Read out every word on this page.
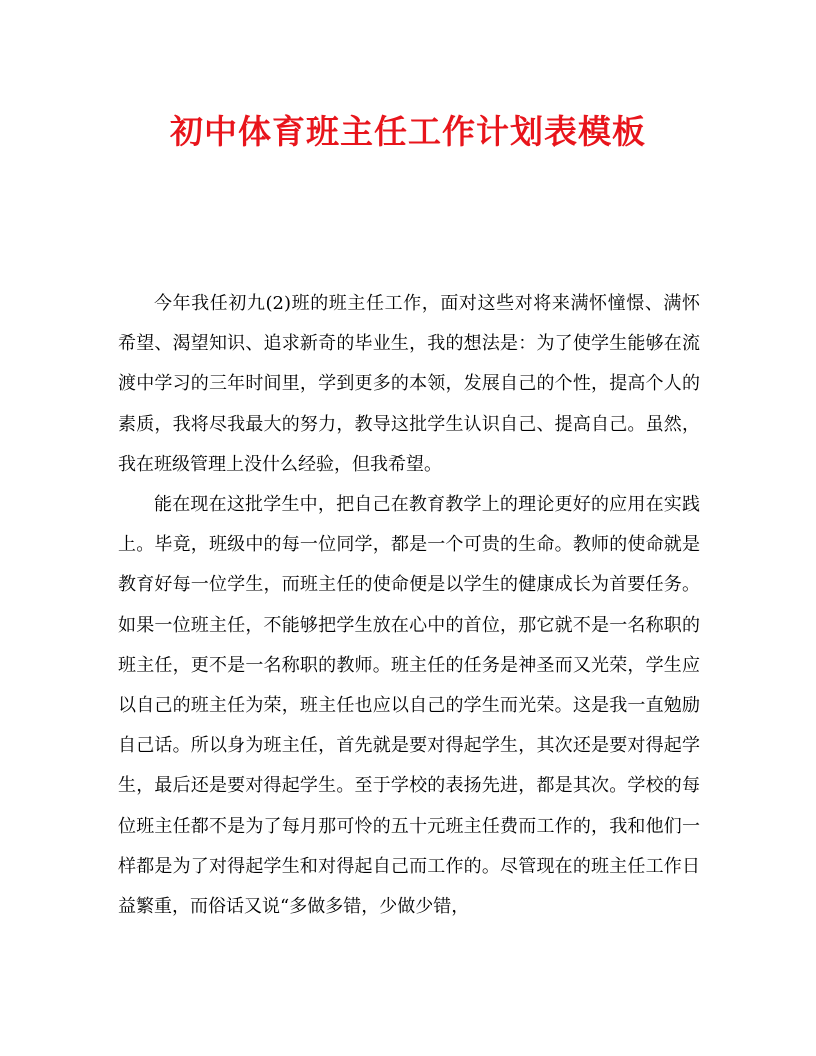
初中体育班主任工作计划表模板

今年我任初九(2)班的班主任工作，面对这些对将来满怀憧憬、满怀希望、渴望知识、追求新奇的毕业生，我的想法是：为了使学生能够在流渡中学习的三年时间里，学到更多的本领，发展自己的个性，提高个人的素质，我将尽我最大的努力，教导这批学生认识自己、提高自己。虽然，我在班级管理上没什么经验，但我希望。

能在现在这批学生中，把自己在教育教学上的理论更好的应用在实践上。毕竟，班级中的每一位同学，都是一个可贵的生命。教师的使命就是教育好每一位学生，而班主任的使命便是以学生的健康成长为首要任务。如果一位班主任，不能够把学生放在心中的首位，那它就不是一名称职的班主任，更不是一名称职的教师。班主任的任务是神圣而又光荣，学生应以自己的班主任为荣，班主任也应以自己的学生而光荣。这是我一直勉励自己话。所以身为班主任，首先就是要对得起学生，其次还是要对得起学生，最后还是要对得起学生。至于学校的表扬先进，都是其次。学校的每位班主任都不是为了每月那可怜的五十元班主任费而工作的，我和他们一样都是为了对得起学生和对得起自己而工作的。尽管现在的班主任工作日益繁重，而俗话又说“多做多错，少做少错，
